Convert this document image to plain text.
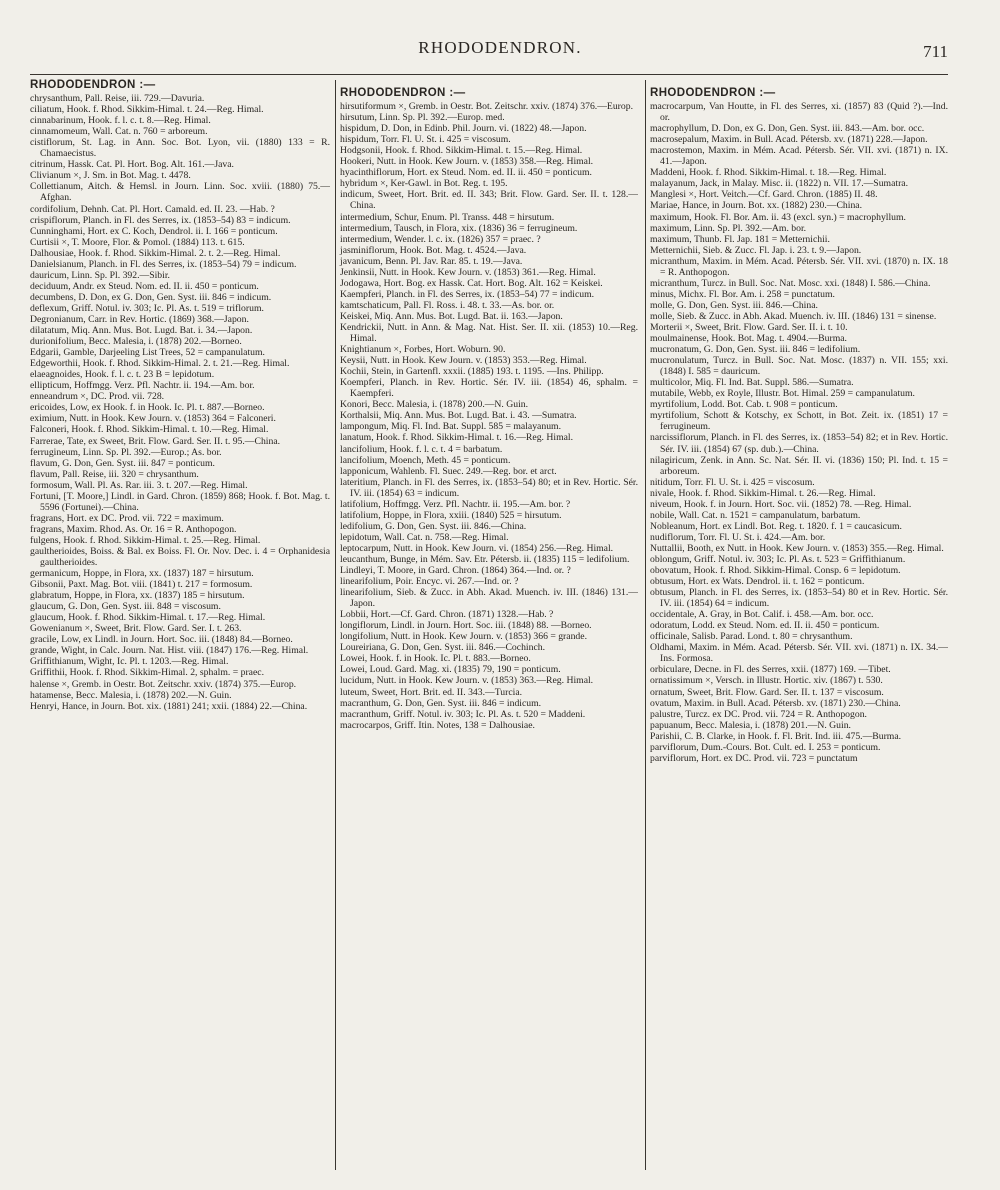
RHODODENDRON.	711
RHODODENDRON :—

chrysanthum, Pall. Reise, iii. 729.—Davuria.

ciliatum, Hook. f. Rhod. Sikkim-Himal. t. 24.—Reg. Himal.

cinnabarinum, Hook. f. l. c. t. 8.—Reg. Himal.

cinnamomeum, Wall. Cat. n. 760 = arboreum.

cistiflorum, St. Lag. in Ann. Soc. Bot. Lyon, vii. (1880) 133 = R. Chamaecistus.

citrinum, Hassk. Cat. Pl. Hort. Bog. Alt. 161.—Java.

Clivianum ×, J. Sm. in Bot. Mag. t. 4478.

Collettianum, Aitch. & Hemsl. in Journ. Linn. Soc. xviii. (1880) 75.—Afghan.

cordifolium, Dehnh. Cat. Pl. Hort. Camald. ed. II. 23. —Hab. ?

crispiflorum, Planch. in Fl. des Serres, ix. (1853–54) 83 = indicum.

Cunninghami, Hort. ex C. Koch, Dendrol. ii. I. 166 = ponticum.

Curtisii ×, T. Moore, Flor. & Pomol. (1884) 113. t. 615.

Dalhousiae, Hook. f. Rhod. Sikkim-Himal. 2. t. 2.—Reg. Himal.

Danielsianum, Planch. in Fl. des Serres, ix. (1853–54) 79 = indicum.

dauricum, Linn. Sp. Pl. 392.—Sibir.

deciduum, Andr. ex Steud. Nom. ed. II. ii. 450 = ponticum.

decumbens, D. Don, ex G. Don, Gen. Syst. iii. 846 = indicum.

deflexum, Griff. Notul. iv. 303; Ic. Pl. As. t. 519 = triflorum.

Degronianum, Carr. in Rev. Hortic. (1869) 368.—Japon.

dilatatum, Miq. Ann. Mus. Bot. Lugd. Bat. i. 34.—Japon.

durionifolium, Becc. Malesia, i. (1878) 202.—Borneo.

Edgarii, Gamble, Darjeeling List Trees, 52 = campanulatum.

Edgeworthii, Hook. f. Rhod. Sikkim-Himal. 2. t. 21.—Reg. Himal.

elaeagnoides, Hook. f. l. c. t. 23 B = lepidotum.

ellipticum, Hoffmgg. Verz. Pfl. Nachtr. ii. 194.—Am. bor.

enneandrum ×, DC. Prod. vii. 728.

ericoides, Low, ex Hook. f. in Hook. Ic. Pl. t. 887.—Borneo.

eximium, Nutt. in Hook. Kew Journ. v. (1853) 364 = Falconeri.

Falconeri, Hook. f. Rhod. Sikkim-Himal. t. 10.—Reg. Himal.

Farrerae, Tate, ex Sweet, Brit. Flow. Gard. Ser. II. t. 95.—China.

ferrugineum, Linn. Sp. Pl. 392.—Europ.; As. bor.

flavum, G. Don, Gen. Syst. iii. 847 = ponticum.

flavum, Pall. Reise, iii. 320 = chrysanthum.

formosum, Wall. Pl. As. Rar. iii. 3. t. 207.—Reg. Himal.

Fortuni, [T. Moore,] Lindl. in Gard. Chron. (1859) 868; Hook. f. Bot. Mag. t. 5596 (Fortunei).—China.

fragrans, Hort. ex DC. Prod. vii. 722 = maximum.

fragrans, Maxim. Rhod. As. Or. 16 = R. Anthopogon.

fulgens, Hook. f. Rhod. Sikkim-Himal. t. 25.—Reg. Himal.

gaultherioides, Boiss. & Bal. ex Boiss. Fl. Or. Nov. Dec. i. 4 = Orphanidesia gaultherioides.

germanicum, Hoppe, in Flora, xx. (1837) 187 = hirsutum.

Gibsonii, Paxt. Mag. Bot. viii. (1841) t. 217 = formosum.

glabratum, Hoppe, in Flora, xx. (1837) 185 = hirsutum.

glaucum, G. Don, Gen. Syst. iii. 848 = viscosum.

glaucum, Hook. f. Rhod. Sikkim-Himal. t. 17.—Reg. Himal.

Gowenianum ×, Sweet, Brit. Flow. Gard. Ser. I. t. 263.

gracile, Low, ex Lindl. in Journ. Hort. Soc. iii. (1848) 84.—Borneo.

grande, Wight, in Calc. Journ. Nat. Hist. viii. (1847) 176.—Reg. Himal.

Griffithianum, Wight, Ic. Pl. t. 1203.—Reg. Himal.

Griffithii, Hook. f. Rhod. Sikkim-Himal. 2, sphalm. = praec.

halense ×, Gremb. in Oestr. Bot. Zeitschr. xxiv. (1874) 375.—Europ.

hatamense, Becc. Malesia, i. (1878) 202.—N. Guin.

Henryi, Hance, in Journ. Bot. xix. (1881) 241; xxii. (1884) 22.—China.

RHODODENDRON :—

hirsutiformum ×, Gremb. in Oestr. Bot. Zeitschr. xxiv. (1874) 376.—Europ.

hirsutum, Linn. Sp. Pl. 392.—Europ. med.

hispidum, D. Don, in Edinb. Phil. Journ. vi. (1822) 48.—Japon.

hispidum, Torr. Fl. U. St. i. 425 = viscosum.

Hodgsonii, Hook. f. Rhod. Sikkim-Himal. t. 15.—Reg. Himal.

Hookeri, Nutt. in Hook. Kew Journ. v. (1853) 358.—Reg. Himal.

hyacinthiflorum, Hort. ex Steud. Nom. ed. II. ii. 450 = ponticum.

hybridum ×, Ker-Gawl. in Bot. Reg. t. 195.

indicum, Sweet, Hort. Brit. ed. II. 343; Brit. Flow. Gard. Ser. II. t. 128.—China.

intermedium, Schur, Enum. Pl. Transs. 448 = hirsutum.

intermedium, Tausch, in Flora, xix. (1836) 36 = ferrugineum.

intermedium, Wender. l. c. ix. (1826) 357 = praec. ?

jasminiflorum, Hook. Bot. Mag. t. 4524.—Java.

javanicum, Benn. Pl. Jav. Rar. 85. t. 19.—Java.

Jenkinsii, Nutt. in Hook. Kew Journ. v. (1853) 361.—Reg. Himal.

Jodogawa, Hort. Bog. ex Hassk. Cat. Hort. Bog. Alt. 162 = Keiskei.

Kaempferi, Planch. in Fl. des Serres, ix. (1853–54) 77 = indicum.

kamtschaticum, Pall. Fl. Ross. i. 48. t. 33.—As. bor. or.

Keiskei, Miq. Ann. Mus. Bot. Lugd. Bat. ii. 163.—Japon.

Kendrickii, Nutt. in Ann. & Mag. Nat. Hist. Ser. II. xii. (1853) 10.—Reg. Himal.

Knightianum ×, Forbes, Hort. Woburn. 90.

Keysii, Nutt. in Hook. Kew Journ. v. (1853) 353.—Reg. Himal.

Kochii, Stein, in Gartenfl. xxxii. (1885) 193. t. 1195. —Ins. Philipp.

Koempferi, Planch. in Rev. Hortic. Sér. IV. iii. (1854) 46, sphalm. = Kaempferi.

Konori, Becc. Malesia, i. (1878) 200.—N. Guin.

Korthalsii, Miq. Ann. Mus. Bot. Lugd. Bat. i. 43. —Sumatra.

lampongum, Miq. Fl. Ind. Bat. Suppl. 585 = malayanum.

lanatum, Hook. f. Rhod. Sikkim-Himal. t. 16.—Reg. Himal.

lancifolium, Hook. f. l. c. t. 4 = barbatum.

lancifolium, Moench, Meth. 45 = ponticum.

lapponicum, Wahlenb. Fl. Suec. 249.—Reg. bor. et arct.

lateritium, Planch. in Fl. des Serres, ix. (1853–54) 80; et in Rev. Hortic. Sér. IV. iii. (1854) 63 = indicum.

latifolium, Hoffmgg. Verz. Pfl. Nachtr. ii. 195.—Am. bor. ?

latifolium, Hoppe, in Flora, xxiii. (1840) 525 = hirsutum.

ledifolium, G. Don, Gen. Syst. iii. 846.—China.

lepidotum, Wall. Cat. n. 758.—Reg. Himal.

leptocarpum, Nutt. in Hook. Kew Journ. vi. (1854) 256.—Reg. Himal.

leucanthum, Bunge, in Mém. Sav. Etr. Pétersb. ii. (1835) 115 = ledifolium.

Lindleyi, T. Moore, in Gard. Chron. (1864) 364.—Ind. or. ?

linearifolium, Poir. Encyc. vi. 267.—Ind. or. ?

linearifolium, Sieb. & Zucc. in Abh. Akad. Muench. iv. III. (1846) 131.—Japon.

Lobbii, Hort.—Cf. Gard. Chron. (1871) 1328.—Hab. ?

longiflorum, Lindl. in Journ. Hort. Soc. iii. (1848) 88. —Borneo.

longifolium, Nutt. in Hook. Kew Journ. v. (1853) 366 = grande.

Loureiriana, G. Don, Gen. Syst. iii. 846.—Cochinch.

Lowei, Hook. f. in Hook. Ic. Pl. t. 883.—Borneo.

Lowei, Loud. Gard. Mag. xi. (1835) 79, 190 = ponticum.

lucidum, Nutt. in Hook. Kew Journ. v. (1853) 363.—Reg. Himal.

luteum, Sweet, Hort. Brit. ed. II. 343.—Turcia.

macranthum, G. Don, Gen. Syst. iii. 846 = indicum.

macranthum, Griff. Notul. iv. 303; Ic. Pl. As. t. 520 = Maddeni.

macrocarpos, Griff. Itin. Notes, 138 = Dalhousiae.

RHODODENDRON :—

macrocarpum, Van Houtte, in Fl. des Serres, xi. (1857) 83 (Quid ?).—Ind. or.

macrophyllum, D. Don, ex G. Don, Gen. Syst. iii. 843.—Am. bor. occ.

macrosepalum, Maxim. in Bull. Acad. Pétersb. xv. (1871) 228.—Japon.

macrostemon, Maxim. in Mém. Acad. Pétersb. Sér. VII. xvi. (1871) n. IX. 41.—Japon.

Maddeni, Hook. f. Rhod. Sikkim-Himal. t. 18.—Reg. Himal.

malayanum, Jack, in Malay. Misc. ii. (1822) n. VII. 17.—Sumatra.

Manglesi ×, Hort. Veitch.—Cf. Gard. Chron. (1885) II. 48.

Mariae, Hance, in Journ. Bot. xx. (1882) 230.—China.

maximum, Hook. Fl. Bor. Am. ii. 43 (excl. syn.) = macrophyllum.

maximum, Linn. Sp. Pl. 392.—Am. bor.

maximum, Thunb. Fl. Jap. 181 = Metternichii.

Metternichii, Sieb. & Zucc. Fl. Jap. i. 23. t. 9.—Japon.

micranthum, Maxim. in Mém. Acad. Pétersb. Sér. VII. xvi. (1870) n. IX. 18 = R. Anthopogon.

micranthum, Turcz. in Bull. Soc. Nat. Mosc. xxi. (1848) I. 586.—China.

minus, Michx. Fl. Bor. Am. i. 258 = punctatum.

molle, G. Don, Gen. Syst. iii. 846.—China.

molle, Sieb. & Zucc. in Abh. Akad. Muench. iv. III. (1846) 131 = sinense.

Morterii ×, Sweet, Brit. Flow. Gard. Ser. II. i. t. 10.

moulmainense, Hook. Bot. Mag. t. 4904.—Burma.

mucronatum, G. Don, Gen. Syst. iii. 846 = ledifolium.

mucronulatum, Turcz. in Bull. Soc. Nat. Mosc. (1837) n. VII. 155; xxi. (1848) I. 585 = dauricum.

multicolor, Miq. Fl. Ind. Bat. Suppl. 586.—Sumatra.

mutabile, Webb, ex Royle, Illustr. Bot. Himal. 259 = campanulatum.

myrtifolium, Lodd. Bot. Cab. t. 908 = ponticum.

myrtifolium, Schott & Kotschy, ex Schott, in Bot. Zeit. ix. (1851) 17 = ferrugineum.

narcissiflorum, Planch. in Fl. des Serres, ix. (1853–54) 82; et in Rev. Hortic. Sér. IV. iii. (1854) 67 (sp. dub.).—China.

nilagiricum, Zenk. in Ann. Sc. Nat. Sér. II. vi. (1836) 150; Pl. Ind. t. 15 = arboreum.

nitidum, Torr. Fl. U. St. i. 425 = viscosum.

nivale, Hook. f. Rhod. Sikkim-Himal. t. 26.—Reg. Himal.

niveum, Hook. f. in Journ. Hort. Soc. vii. (1852) 78. —Reg. Himal.

nobile, Wall. Cat. n. 1521 = campanulatum, barbatum.

Nobleanum, Hort. ex Lindl. Bot. Reg. t. 1820. f. 1 = caucasicum.

nudiflorum, Torr. Fl. U. St. i. 424.—Am. bor.

Nuttallii, Booth, ex Nutt. in Hook. Kew Journ. v. (1853) 355.—Reg. Himal.

oblongum, Griff. Notul. iv. 303; Ic. Pl. As. t. 523 = Griffithianum.

obovatum, Hook. f. Rhod. Sikkim-Himal. Consp. 6 = lepidotum.

obtusum, Hort. ex Wats. Dendrol. ii. t. 162 = ponticum.

obtusum, Planch. in Fl. des Serres, ix. (1853–54) 80 et in Rev. Hortic. Sér. IV. iii. (1854) 64 = indicum.

occidentale, A. Gray, in Bot. Calif. i. 458.—Am. bor. occ.

odoratum, Lodd. ex Steud. Nom. ed. II. ii. 450 = ponticum.

officinale, Salisb. Parad. Lond. t. 80 = chrysanthum.

Oldhami, Maxim. in Mém. Acad. Pétersb. Sér. VII. xvi. (1871) n. IX. 34.—Ins. Formosa.

orbiculare, Decne. in Fl. des Serres, xxii. (1877) 169. —Tibet.

ornatissimum ×, Versch. in Illustr. Hortic. xiv. (1867) t. 530.

ornatum, Sweet, Brit. Flow. Gard. Ser. II. t. 137 = viscosum.

ovatum, Maxim. in Bull. Acad. Pétersb. xv. (1871) 230.—China.

palustre, Turcz. ex DC. Prod. vii. 724 = R. Anthopogon.

papuanum, Becc. Malesia, i. (1878) 201.—N. Guin.

Parishii, C. B. Clarke, in Hook. f. Fl. Brit. Ind. iii. 475.—Burma.

parviflorum, Dum.-Cours. Bot. Cult. ed. I. 253 = ponticum.

parviflorum, Hort. ex DC. Prod. vii. 723 = punctatum
